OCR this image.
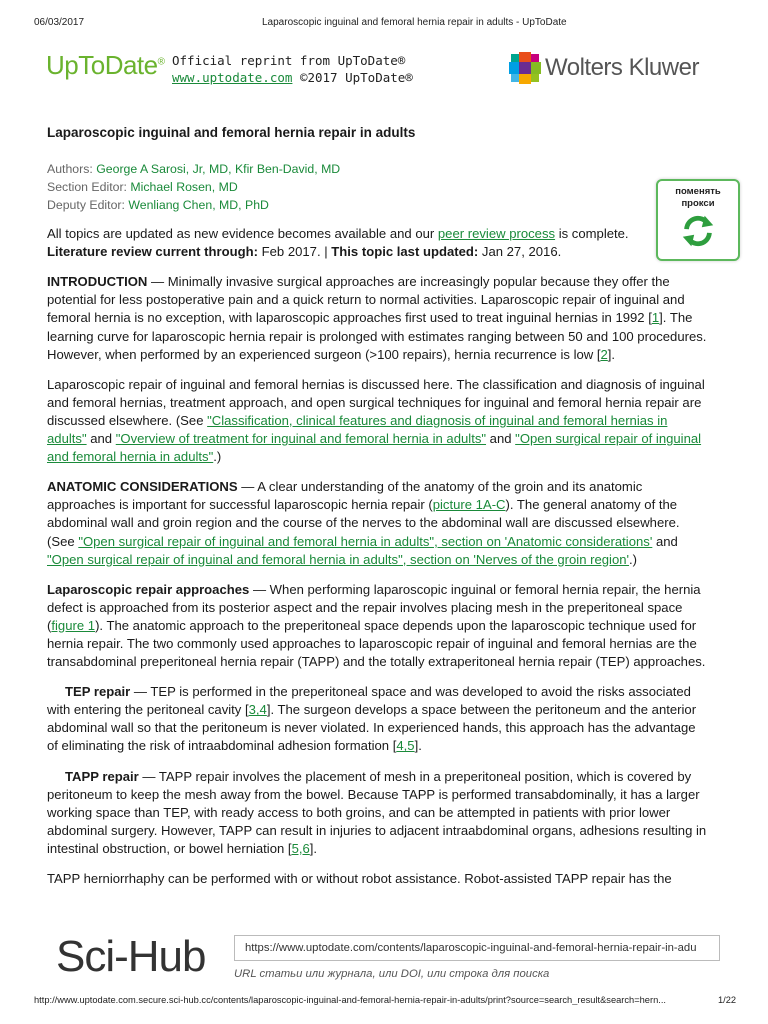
06/03/2017	Laparoscopic inguinal and femoral hernia repair in adults - UpToDate
UpToDate® Official reprint from UpToDate®
www.uptodate.com ©2017 UpToDate®	Wolters Kluwer
Laparoscopic inguinal and femoral hernia repair in adults
Authors: George A Sarosi, Jr, MD, Kfir Ben-David, MD
Section Editor: Michael Rosen, MD
Deputy Editor: Wenliang Chen, MD, PhD

All topics are updated as new evidence becomes available and our peer review process is complete.
Literature review current through: Feb 2017. | This topic last updated: Jan 27, 2016.

INTRODUCTION — Minimally invasive surgical approaches are increasingly popular because they offer the potential for less postoperative pain and a quick return to normal activities. Laparoscopic repair of inguinal and femoral hernia is no exception, with laparoscopic approaches first used to treat inguinal hernias in 1992 [1]. The learning curve for laparoscopic hernia repair is prolonged with estimates ranging between 50 and 100 procedures. However, when performed by an experienced surgeon (>100 repairs), hernia recurrence is low [2].

Laparoscopic repair of inguinal and femoral hernias is discussed here. The classification and diagnosis of inguinal and femoral hernias, treatment approach, and open surgical techniques for inguinal and femoral hernia repair are discussed elsewhere. (See "Classification, clinical features and diagnosis of inguinal and femoral hernias in adults" and "Overview of treatment for inguinal and femoral hernia in adults" and "Open surgical repair of inguinal and femoral hernia in adults".)

ANATOMIC CONSIDERATIONS — A clear understanding of the anatomy of the groin and its anatomic approaches is important for successful laparoscopic hernia repair (picture 1A-C). The general anatomy of the abdominal wall and groin region and the course of the nerves to the abdominal wall are discussed elsewhere. (See "Open surgical repair of inguinal and femoral hernia in adults", section on 'Anatomic considerations' and "Open surgical repair of inguinal and femoral hernia in adults", section on 'Nerves of the groin region'.)

Laparoscopic repair approaches — When performing laparoscopic inguinal or femoral hernia repair, the hernia defect is approached from its posterior aspect and the repair involves placing mesh in the preperitoneal space (figure 1). The anatomic approach to the preperitoneal space depends upon the laparoscopic technique used for hernia repair. The two commonly used approaches to laparoscopic repair of inguinal and femoral hernias are the transabdominal preperitoneal hernia repair (TAPP) and the totally extraperitoneal hernia repair (TEP) approaches.

TEP repair — TEP is performed in the preperitoneal space and was developed to avoid the risks associated with entering the peritoneal cavity [3,4]. The surgeon develops a space between the peritoneum and the anterior abdominal wall so that the peritoneum is never violated. In experienced hands, this approach has the advantage of eliminating the risk of intraabdominal adhesion formation [4,5].

TAPP repair — TAPP repair involves the placement of mesh in a preperitoneal position, which is covered by peritoneum to keep the mesh away from the bowel. Because TAPP is performed transabdominally, it has a larger working space than TEP, with ready access to both groins, and can be attempted in patients with prior lower abdominal surgery. However, TAPP can result in injuries to adjacent intraabdominal organs, adhesions resulting in intestinal obstruction, or bowel herniation [5,6].

TAPP herniorrhaphy can be performed with or without robot assistance. Robot-assisted TAPP repair has the

поменять
прокси
Sci-Hub	https://www.uptodate.com/contents/laparoscopic-inguinal-and-femoral-hernia-repair-in-adu
URL статьи или журнала, или DOI, или строка для поиска
http://www.uptodate.com.secure.sci-hub.cc/contents/laparoscopic-inguinal-and-femoral-hernia-repair-in-adults/print?source=search_result&search=hern...	1/22
